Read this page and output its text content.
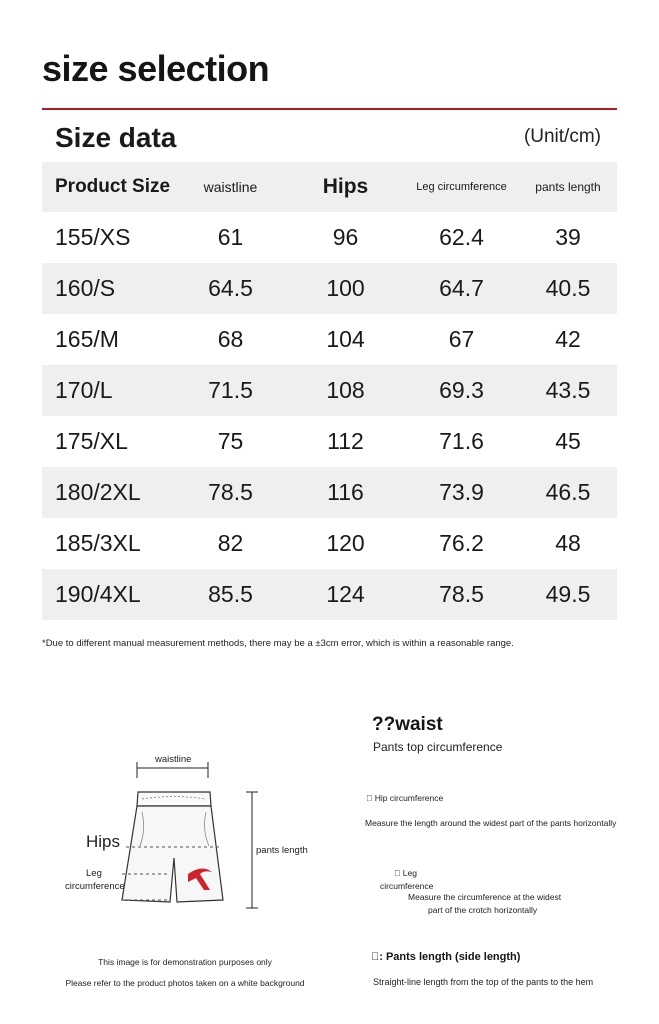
size selection
Size data	(Unit/cm)
Product Size	waistline	Hips	Leg circumference	pants length
155/XS	61	96	62.4	39
160/S	64.5	100	64.7	40.5
165/M	68	104	67	42
170/L	71.5	108	69.3	43.5
175/XL	75	112	71.6	45
180/2XL	78.5	116	73.9	46.5
185/3XL	82	120	76.2	48
190/4XL	85.5	124	78.5	49.5
*Due to different manual measurement methods, there may be a ±3cm error, which is within a reasonable range.
waistline
Hips
Leg
circumference
pants length
This image is for demonstration purposes only
Please refer to the product photos taken on a white background
??waist
Pants top circumference
  Hip circumference
Measure the length around the widest part of the pants horizontally
  Leg
circumference
Measure the circumference at the widest
part of the crotch horizontally
 : Pants length (side length)
Straight-line length from the top of the pants to the hem
